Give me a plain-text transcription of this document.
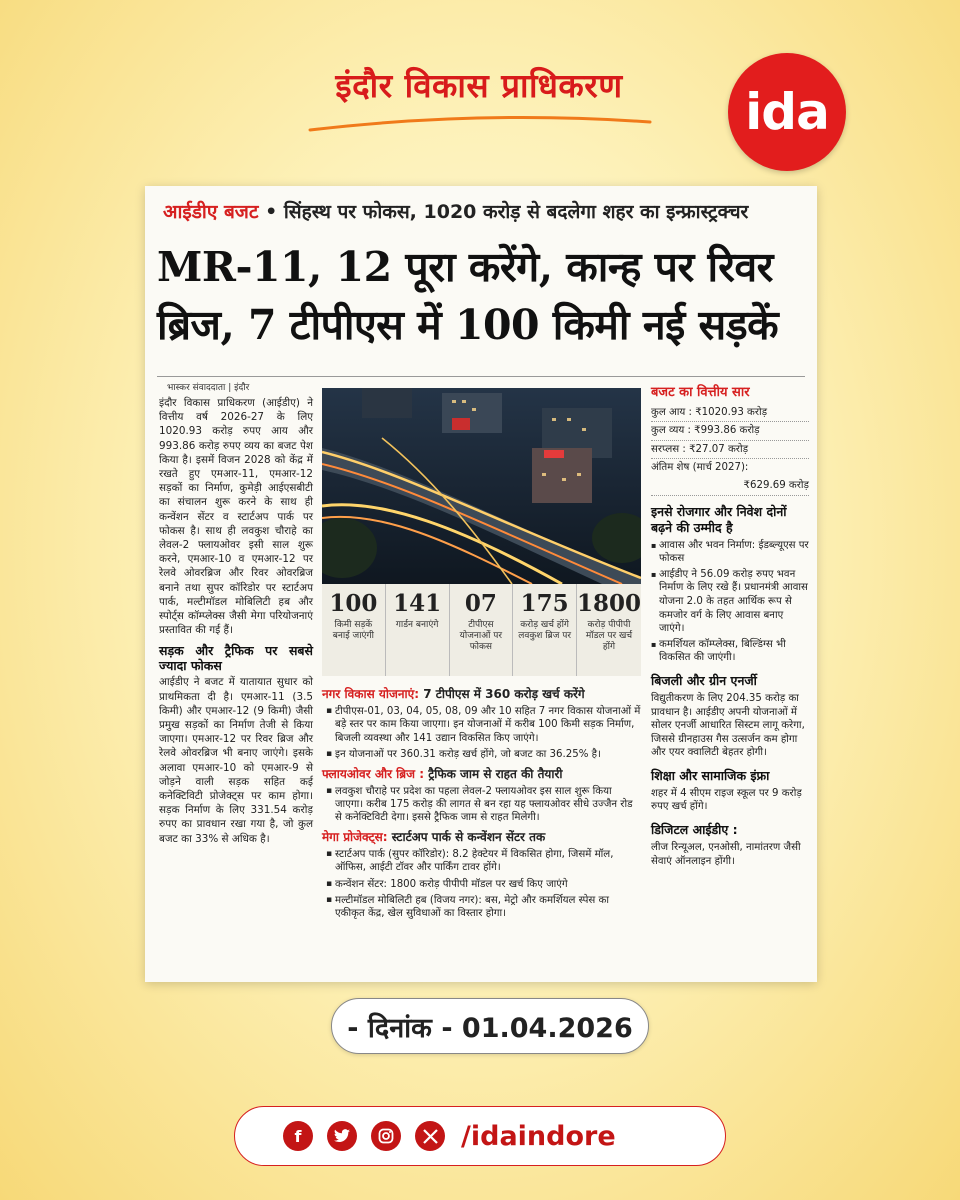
इंदौर विकास प्राधिकरण	ida
आईडीए बजट • सिंहस्थ पर फोकस, 1020 करोड़ से बदलेगा शहर का इन्फ्रास्ट्रक्चर
MR-11, 12 पूरा करेंगे, कान्ह पर रिवर
ब्रिज, 7 टीपीएस में 100 किमी नई सड़कें
भास्कर संवाददाता | इंदौर

इंदौर विकास प्राधिकरण (आईडीए) ने वित्तीय वर्ष 2026-27 के लिए 1020.93 करोड़ रुपए आय और 993.86 करोड़ रुपए व्यय का बजट पेश किया है। इसमें विजन 2028 को केंद्र में रखते हुए एमआर-11, एमआर-12 सड़कों का निर्माण, कुमेड़ी आईएसबीटी का संचालन शुरू करने के साथ ही कन्वेंशन सेंटर व स्टार्टअप पार्क पर फोकस है। साथ ही लवकुश चौराहे का लेवल-2 फ्लायओवर इसी साल शुरू करने, एमआर-10 व एमआर-12 पर रेलवे ओवरब्रिज और रिवर ओवरब्रिज बनाने तथा सुपर कॉरिडोर पर स्टार्टअप पार्क, मल्टीमॉडल मोबिलिटी हब और स्पोर्ट्स कॉम्प्लेक्स जैसी मेगा परियोजनाएं प्रस्तावित की गई हैं।

सड़क और ट्रैफिक पर सबसे ज्यादा फोकस

आईडीए ने बजट में यातायात सुधार को प्राथमिकता दी है। एमआर-11 (3.5 किमी) और एमआर-12 (9 किमी) जैसी प्रमुख सड़कों का निर्माण तेजी से किया जाएगा। एमआर-12 पर रिवर ब्रिज और रेलवे ओवरब्रिज भी बनाए जाएंगे। इसके अलावा एमआर-10 को एमआर-9 से जोड़ने वाली सड़क सहित कई कनेक्टिविटी प्रोजेक्ट्स पर काम होगा। सड़क निर्माण के लिए 331.54 करोड़ रुपए का प्रावधान रखा गया है, जो कुल बजट का 33% से अधिक है।

100
किमी सड़कें बनाई जाएंगी
141
गार्डन बनाएंगे
07
टीपीएस योजनाओं पर फोकस
175
करोड़ खर्च होंगे लवकुश ब्रिज पर
1800
करोड़ पीपीपी मॉडल पर खर्च होंगे
नगर विकास योजनाएं: 7 टीपीएस में 360 करोड़ खर्च करेंगे
▪ टीपीएस-01, 03, 04, 05, 08, 09 और 10 सहित 7 नगर विकास योजनाओं में बड़े स्तर पर काम किया जाएगा। इन योजनाओं में करीब 100 किमी सड़क निर्माण, बिजली व्यवस्था और 141 उद्यान विकसित किए जाएंगे।
▪ इन योजनाओं पर 360.31 करोड़ खर्च होंगे, जो बजट का 36.25% है।
फ्लायओवर और ब्रिज : ट्रैफिक जाम से राहत की तैयारी
▪ लवकुश चौराहे पर प्रदेश का पहला लेवल-2 फ्लायओवर इस साल शुरू किया जाएगा। करीब 175 करोड़ की लागत से बन रहा यह फ्लायओवर सीधे उज्जैन रोड से कनेक्टिविटी देगा। इससे ट्रैफिक जाम से राहत मिलेगी।
मेगा प्रोजेक्ट्स: स्टार्टअप पार्क से कन्वेंशन सेंटर तक
▪ स्टार्टअप पार्क (सुपर कॉरिडोर): 8.2 हेक्टेयर में विकसित होगा, जिसमें मॉल, ऑफिस, आईटी टॉवर और पार्किंग टावर होंगे।
▪ कन्वेंशन सेंटर: 1800 करोड़ पीपीपी मॉडल पर खर्च किए जाएंगे
▪ मल्टीमॉडल मोबिलिटी हब (विजय नगर): बस, मेट्रो और कमर्शियल स्पेस का एकीकृत केंद्र, खेल सुविधाओं का विस्तार होगा।
बजट का वित्तीय सार
कुल आय : ₹1020.93 करोड़
कुल व्यय : ₹993.86 करोड़
सरप्लस : ₹27.07 करोड़
अंतिम शेष (मार्च 2027):
₹629.69 करोड़
इनसे रोजगार और निवेश दोनों बढ़ने की उम्मीद है
▪ आवास और भवन निर्माण: ईडब्ल्यूएस पर फोकस
▪ आईडीए ने 56.09 करोड़ रुपए भवन निर्माण के लिए रखे हैं। प्रधानमंत्री आवास योजना 2.0 के तहत आर्थिक रूप से कमजोर वर्ग के लिए आवास बनाए जाएंगे।
▪ कमर्शियल कॉम्प्लेक्स, बिल्डिंग्स भी विकसित की जाएंगी।
बिजली और ग्रीन एनर्जी

विद्युतीकरण के लिए 204.35 करोड़ का प्रावधान है। आईडीए अपनी योजनाओं में सोलर एनर्जी आधारित सिस्टम लागू करेगा, जिससे ग्रीनहाउस गैस उत्सर्जन कम होगा और एयर क्वालिटी बेहतर होगी।

शिक्षा और सामाजिक इंफ्रा

शहर में 4 सीएम राइज स्कूल पर 9 करोड़ रुपए खर्च होंगे।

डिजिटल आईडीए :

लीज रिन्यूअल, एनओसी, नामांतरण जैसी सेवाएं ऑनलाइन होंगी।

- दिनांक - 01.04.2026
f	/idaindore
